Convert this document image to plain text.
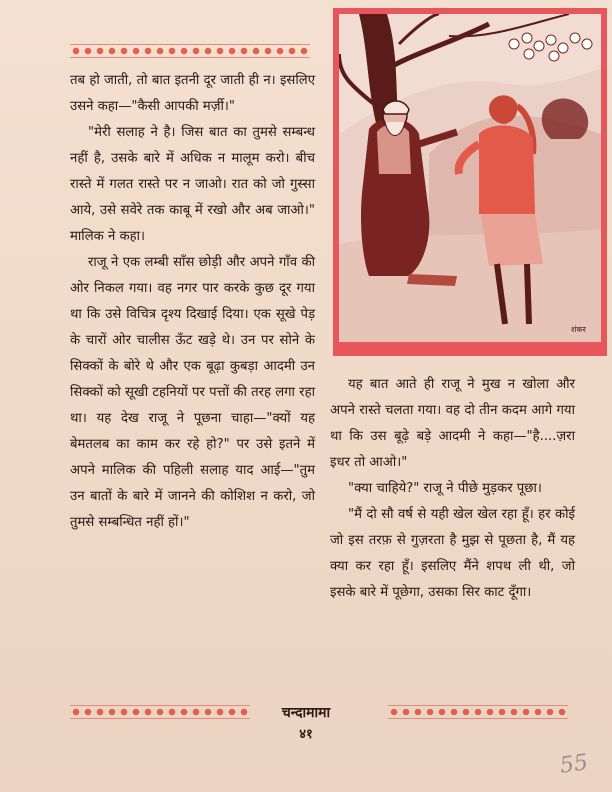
तब हो जाती, तो बात इतनी दूर जाती ही न। इसलिए उसने कहा—"कैसी आपकी मर्ज़ी।"

"मेरी सलाह ने है। जिस बात का तुमसे सम्बन्ध नहीं है, उसके बारे में अधिक न मालूम करो। बीच रास्ते में गलत रास्ते पर न जाओ। रात को जो गुस्सा आये, उसे सवेरे तक काबू में रखो और अब जाओ।" मालिक ने कहा।

राजू ने एक लम्बी साँस छोड़ी और अपने गाँव की ओर निकल गया। वह नगर पार करके कुछ दूर गया था कि उसे विचित्र दृश्य दिखाई दिया। एक सूखे पेड़ के चारों ओर चालीस ऊँट खड़े थे। उन पर सोने के सिक्कों के बोरे थे और एक बूढ़ा कुबड़ा आदमी उन सिक्कों को सूखी टहनियों पर पत्तों की तरह लगा रहा था। यह देख राजू ने पूछना चाहा—"क्यों यह बेमतलब का काम कर रहे हो?" पर उसे इतने में अपने मालिक की पहिली सलाह याद आई—"तुम उन बातों के बारे में जानने की कोशिश न करो, जो तुमसे सम्बन्धित नहीं हों।"

शंकर

यह बात आते ही राजू ने मुख न खोला और अपने रास्ते चलता गया। वह दो तीन कदम आगे गया था कि उस बूढ़े बड़े आदमी ने कहा—"है....ज़रा इधर तो आओ।"

"क्या चाहिये?" राजू ने पीछे मुड़कर पूछा।

"मैं दो सौ वर्ष से यही खेल खेल रहा हूँ। हर कोई जो इस तरफ़ से गुज़रता है मुझ से पूछता है, मैं यह क्या कर रहा हूँ। इसलिए मैंने शपथ ली थी, जो इसके बारे में पूछेगा, उसका सिर काट दूँगा।

चन्दामामा
४१
55
